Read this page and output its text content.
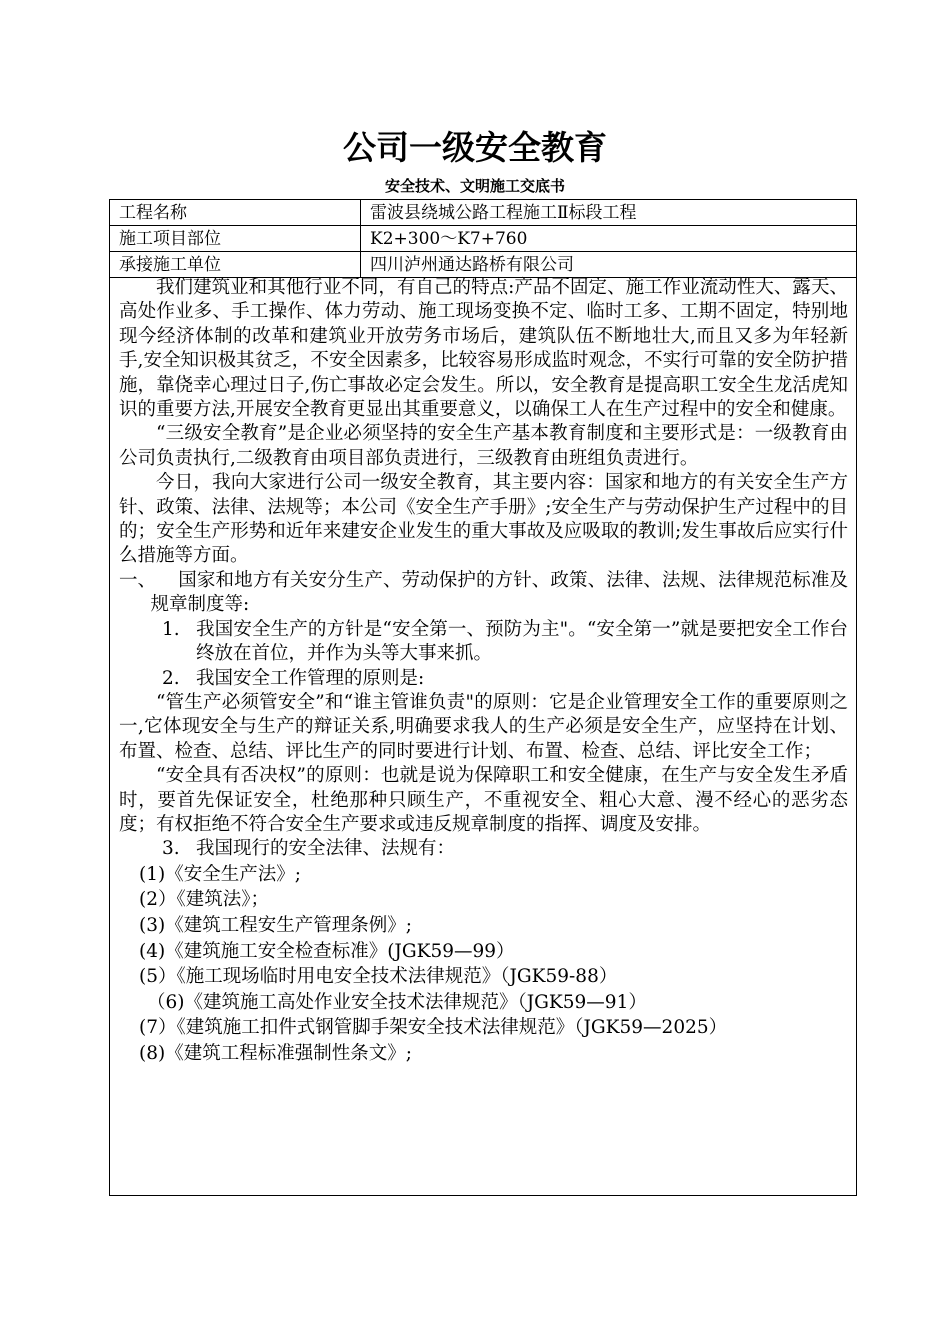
公司一级安全教育
安全技术、文明施工交底书
工程名称	雷波县绕城公路工程施工Ⅱ标段工程
施工项目部位	K2+300～K7+760
承接施工单位	四川泸州通达路桥有限公司

我们建筑业和其他行业不同，有自己的特点:产品不固定、施工作业流动性大、露天、高处作业多、手工操作、体力劳动、施工现场变换不定、临时工多、工期不固定，特别地现今经济体制的改革和建筑业开放劳务市场后，建筑队伍不断地壮大,而且又多为年轻新手,安全知识极其贫乏，不安全因素多，比较容易形成监时观念，不实行可靠的安全防护措施，靠侥幸心理过日子,伤亡事故必定会发生。所以，安全教育是提高职工安全生龙活虎知识的重要方法,开展安全教育更显出其重要意义，以确保工人在生产过程中的安全和健康。

“三级安全教育”是企业必须坚持的安全生产基本教育制度和主要形式是：一级教育由公司负责执行,二级教育由项目部负责进行，三级教育由班组负责进行。

今日，我向大家进行公司一级安全教育，其主要内容：国家和地方的有关安全生产方针、政策、法律、法规等；本公司《安全生产手册》;安全生产与劳动保护生产过程中的目的；安全生产形势和近年来建安企业发生的重大事故及应吸取的教训;发生事故后应实行什么措施等方面。

一、 国家和地方有关安分生产、劳动保护的方针、政策、法律、法规、法律规范标准及规章制度等:

1. 我国安全生产的方针是“安全第一、预防为主"。“安全第一”就是要把安全工作台终放在首位，并作为头等大事来抓。

2. 我国安全工作管理的原则是:

“管生产必须管安全”和“谁主管谁负责"的原则：它是企业管理安全工作的重要原则之一,它体现安全与生产的辩证关系,明确要求我人的生产必须是安全生产，应坚持在计划、布置、检查、总结、评比生产的同时要进行计划、布置、检查、总结、评比安全工作；

“安全具有否决权”的原则：也就是说为保障职工和安全健康，在生产与安全发生矛盾时，要首先保证安全，杜绝那种只顾生产，不重视安全、粗心大意、漫不经心的恶劣态度；有权拒绝不符合安全生产要求或违反规章制度的指挥、调度及安排。

3. 我国现行的安全法律、法规有：

(1)《安全生产法》;

(2）《建筑法》；

(3)《建筑工程安生产管理条例》;

(4)《建筑施工安全检查标准》(JGK59—99）

(5）《施工现场临时用电安全技术法律规范》（JGK59-88）

（6)《建筑施工高处作业安全技术法律规范》（JGK59—91）

(7）《建筑施工扣件式钢管脚手架安全技术法律规范》（JGK59—2025）

(8)《建筑工程标准强制性条文》;
